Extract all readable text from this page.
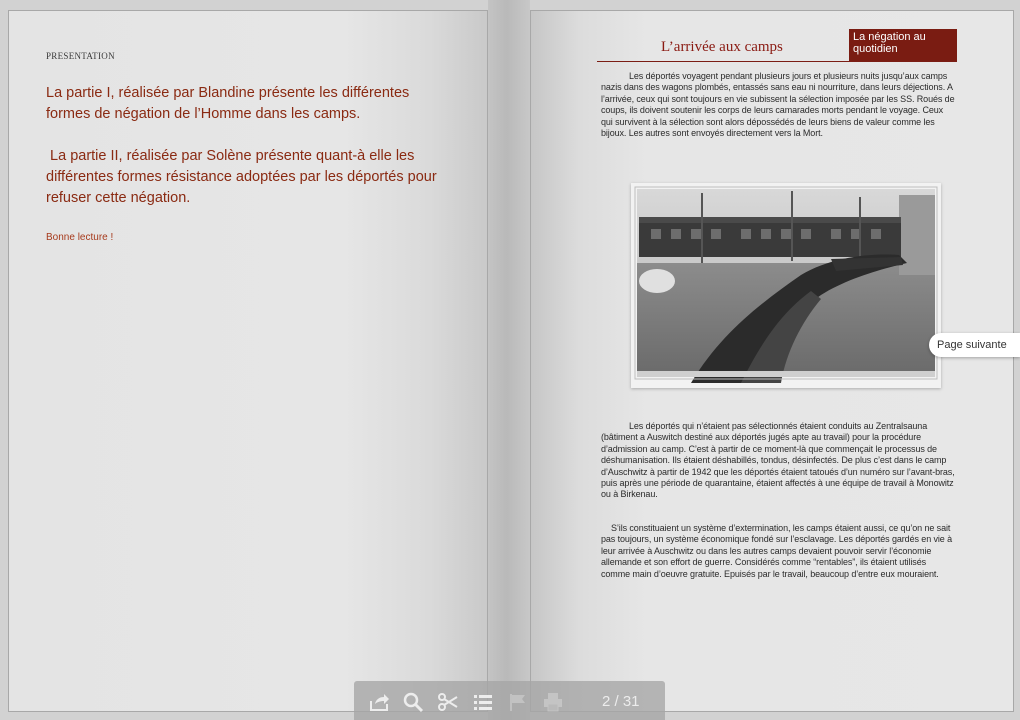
PRESENTATION
La partie I, réalisée par Blandine présente les différentes formes de négation de l’Homme dans les camps.
La partie II, réalisée par Solène présente quant-à elle les différentes formes résistance adoptées par les déportés pour refuser cette négation.
Bonne lecture !
L’arrivée aux camps
La négation au quotidien
Les déportés voyagent pendant plusieurs jours et plusieurs nuits jusqu’aux camps nazis dans des wagons plombés, entassés sans eau ni nourriture, dans leurs déjections. A l’arrivée, ceux qui sont toujours en vie subissent la sélection imposée par les SS. Roués de coups, ils doivent soutenir les corps de leurs camarades morts pendant le voyage. Ceux qui survivent à la sélection sont alors dépossédés de leurs biens de valeur comme les bijoux. Les autres sont envoyés directement vers la Mort.
Les déportés qui n’étaient pas sélectionnés étaient conduits au Zentralsauna (bâtiment a Auswitch destiné aux déportés jugés apte au travail) pour la procédure d’admission au camp. C’est à partir de ce moment-là que commençait le processus de déshumanisation. Ils étaient déshabillés, tondus, désinfectés. De plus c’est dans le camp d’Auschwitz à partir de 1942 que les déportés étaient tatoués d’un numéro sur l’avant-bras, puis après une période de quarantaine, étaient affectés à une équipe de travail à Monowitz ou à Birkenau.
S’ils constituaient un système d’extermination, les camps étaient aussi, ce qu’on ne sait pas toujours, un système économique fondé sur l’esclavage. Les déportés gardés en vie à leur arrivée à Auschwitz ou dans les autres camps devaient pouvoir servir l’économie allemande et son effort de guerre. Considérés comme “rentables”, ils étaient utilisés comme main d’oeuvre gratuite. Epuisés par le travail, beaucoup d’entre eux mouraient.
Page suivante
2 / 31
